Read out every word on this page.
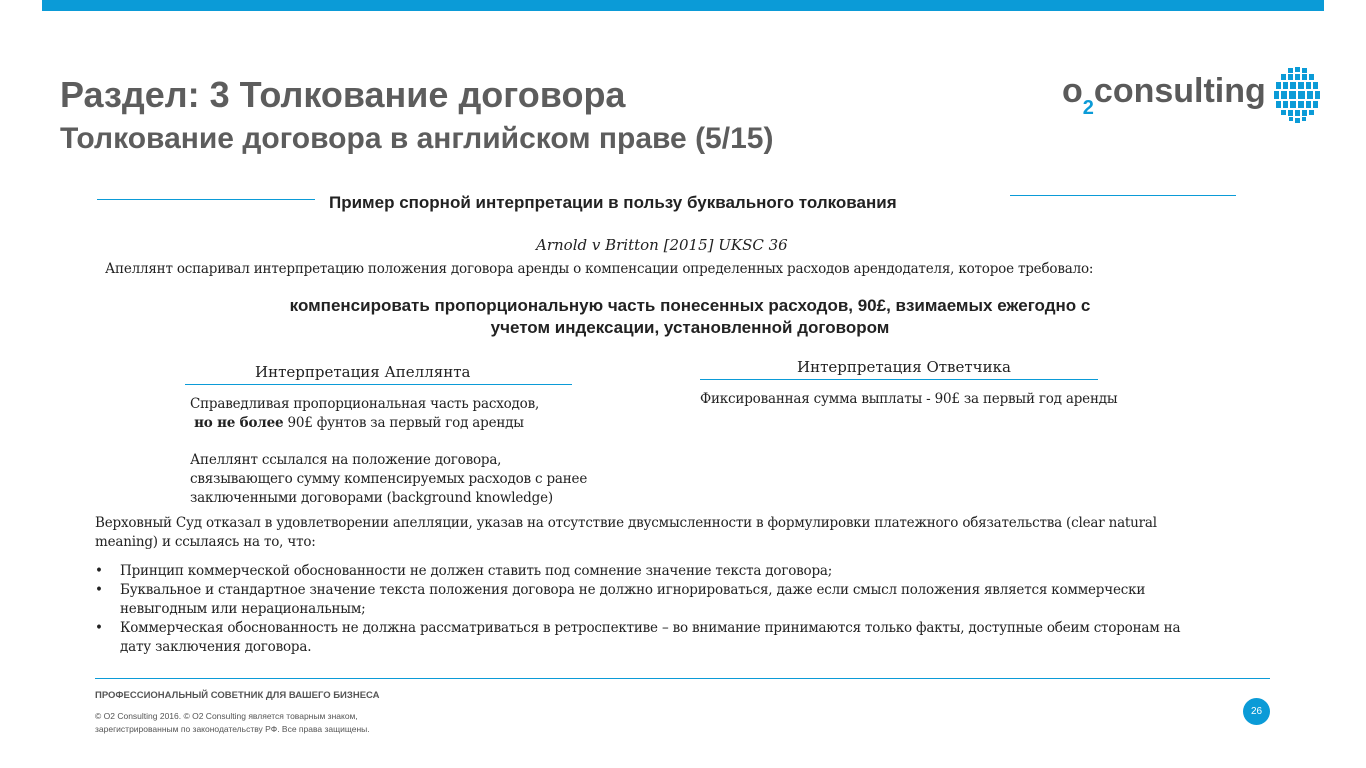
Раздел: 3 Толкование договора
Толкование договора в английском праве (5/15)
$o_2consulting$
Пример спорной интерпретации в пользу буквального толкования
Arnold v Britton [2015] UKSC 36
Апеллянт оспаривал интерпретацию положения договора аренды о компенсации определенных расходов арендодателя, которое требовало:
компенсировать пропорциональную часть понесенных расходов, 90£, взимаемых ежегодно с
учетом индексации, установленной договором
Интерпретация Апеллянта
Справедливая пропорциональная часть расходов,
но не более 90£ фунтов за первый год аренды
Апеллянт ссылался на положение договора,
связывающего сумму компенсируемых расходов с ранее
заключенными договорами (background knowledge)
Интерпретация Ответчика
Фиксированная сумма выплаты - 90£ за первый год аренды
Верховный Суд отказал в удовлетворении апелляции, указав на отсутствие двусмысленности в формулировки платежного обязательства (clear natural
meaning) и ссылаясь на то, что:
• Принцип коммерческой обоснованности не должен ставить под сомнение значение текста договора;
• Буквальное и стандартное значение текста положения договора не должно игнорироваться, даже если смысл положения является коммерчески невыгодным или нерациональным;
• Коммерческая обоснованность не должна рассматриваться в ретроспективе – во внимание принимаются только факты, доступные обеим сторонам на дату заключения договора.
ПРОФЕССИОНАЛЬНЫЙ СОВЕТНИК ДЛЯ ВАШЕГО БИЗНЕСА
© O2 Consulting 2016. © O2 Consulting является товарным знаком,
зарегистрированным по законодательству РФ. Все права защищены.
26
